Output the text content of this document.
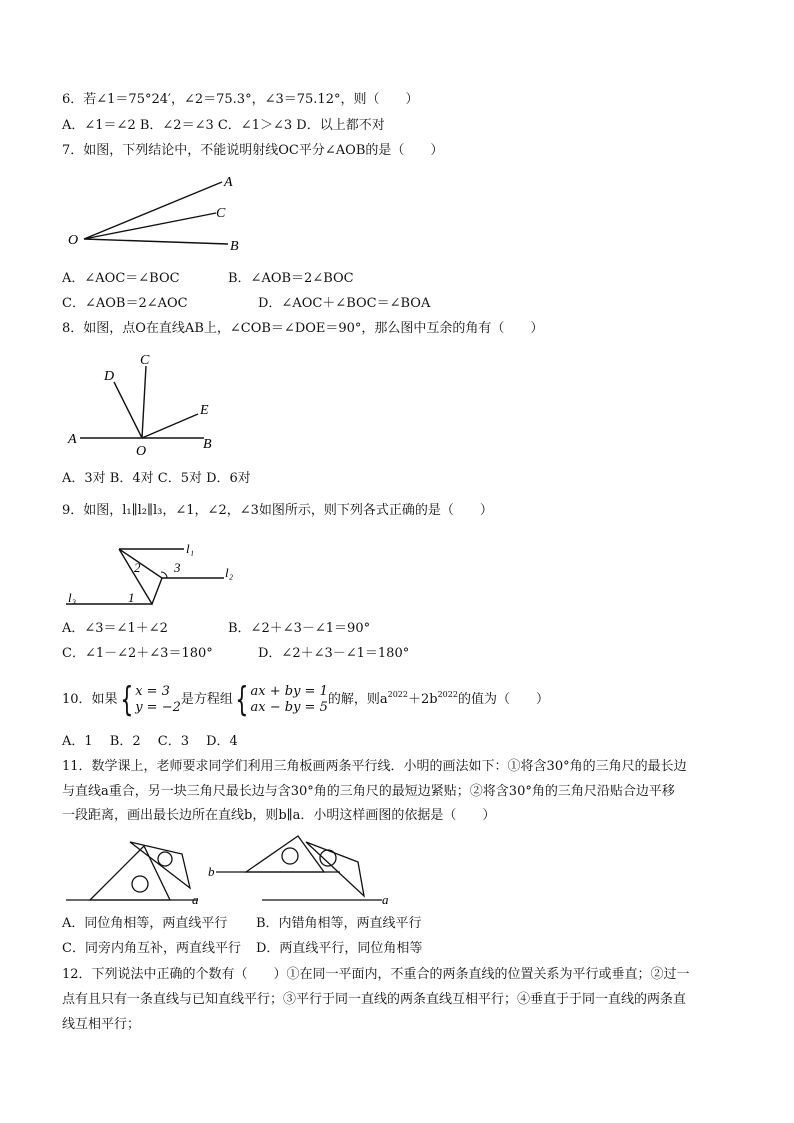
6．若∠1＝75°24′，∠2＝75.3°，∠3＝75.12°，则（　　）
A．∠1＝∠2 B．∠2＝∠3 C．∠1＞∠3 D．以上都不对
7．如图，下列结论中，不能说明射线OC平分∠AOB的是（　　）
A
C
O	B
A．∠AOC＝∠BOC	B．∠AOB＝2∠BOC
C．∠AOB＝2∠AOC	D．∠AOC＋∠BOC＝∠BOA
8．如图，点O在直线AB上，∠COB＝∠DOE＝90°，那么图中互余的角有（　　）
C
D
E
A
O	B
A．3对 B．4对 C．5对 D．6对
9．如图，l₁∥l₂∥l₃，∠1，∠2，∠3如图所示，则下列各式正确的是（　　）
l₁
l₂
l₃	1
2	3
A．∠3＝∠1＋∠2	B．∠2＋∠3－∠1＝90°
C．∠1－∠2＋∠3＝180°	D．∠2＋∠3－∠1＝180°
10．如果 { x = 3
y = −2 是方程组 { ax + by = 1
ax − by = 5 的解，则$a^{2022}+2b^{2022}$的值为（　　）
A．1　 B．2　 C．3　 D．4
11．数学课上，老师要求同学们利用三角板画两条平行线．小明的画法如下：①将含30°角的三角尺的最长边
与直线a重合，另一块三角尺最长边与含30°角的三角尺的最短边紧贴；②将含30°角的三角尺沿贴合边平移
一段距离，画出最长边所在直线b，则b∥a．小明这样画图的依据是（　　）
a
b
a
A．同位角相等，两直线平行 B．内错角相等，两直线平行
C．同旁内角互补，两直线平行 D．两直线平行，同位角相等
12．下列说法中正确的个数有（　　）①在同一平面内，不重合的两条直线的位置关系为平行或垂直；②过一
点有且只有一条直线与已知直线平行；③平行于同一直线的两条直线互相平行；④垂直于于同一直线的两条直
线互相平行；
